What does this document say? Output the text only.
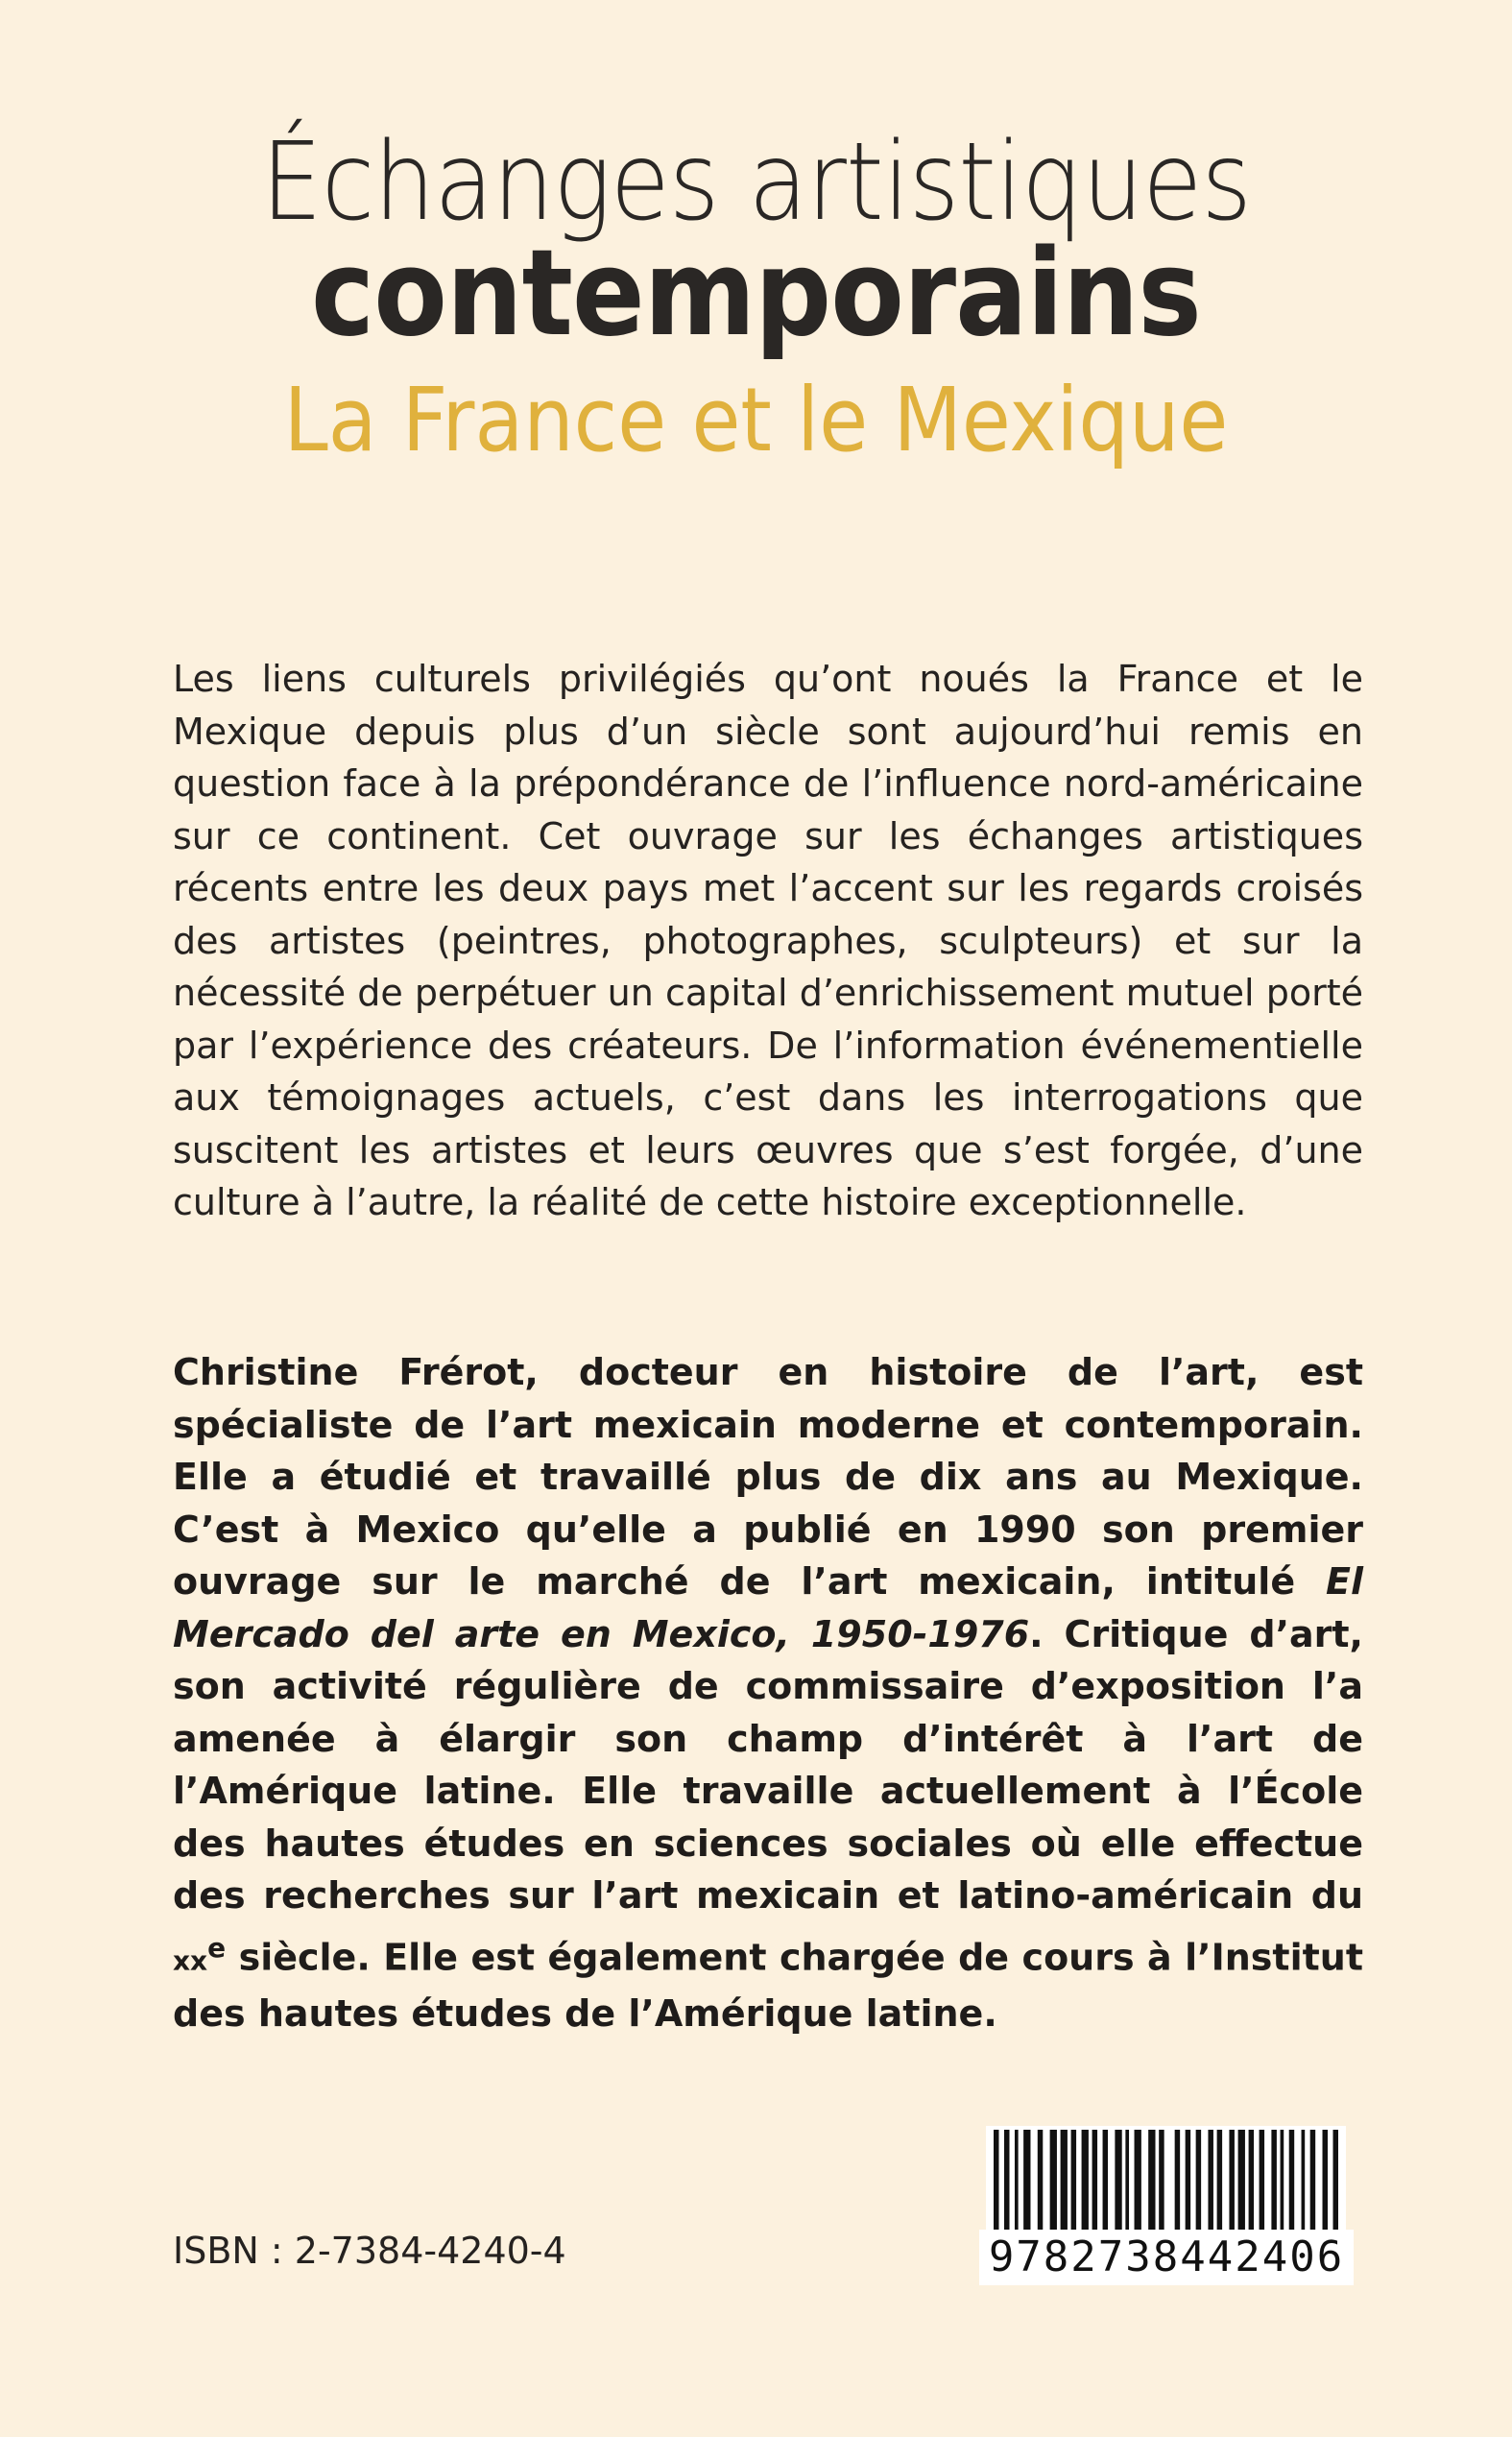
Échanges artistiques
contemporains
La France et le Mexique

Les liens culturels privilégiés qu’ont noués la France et le Mexique depuis plus d’un siècle sont aujourd’hui remis en question face à la prépondérance de l’influence nord-américaine sur ce continent. Cet ouvrage sur les échanges artistiques récents entre les deux pays met l’accent sur les regards croisés des artistes (peintres, photographes, sculpteurs) et sur la nécessité de perpétuer un capital d’enrichissement mutuel porté par l’expérience des créateurs. De l’information événementielle aux témoignages actuels, c’est dans les interrogations que suscitent les artistes et leurs œuvres que s’est forgée, d’une culture à l’autre, la réalité de cette histoire exceptionnelle.

Christine Frérot, docteur en histoire de l’art, est spécialiste de l’art mexicain moderne et contemporain. Elle a étudié et travaillé plus de dix ans au Mexique. C’est à Mexico qu’elle a publié en 1990 son premier ouvrage sur le marché de l’art mexicain, intitulé El Mercado del arte en Mexico, 1950-1976. Critique d’art, son activité régulière de commissaire d’exposition l’a amenée à élargir son champ d’intérêt à l’art de l’Amérique latine. Elle travaille actuellement à l’École des hautes études en sciences sociales où elle effectue des recherches sur l’art mexicain et latino-américain du $xx^e$ siècle. Elle est également chargée de cours à l’Institut des hautes études de l’Amérique latine.

ISBN : 2-7384-4240-4	9782738442406
